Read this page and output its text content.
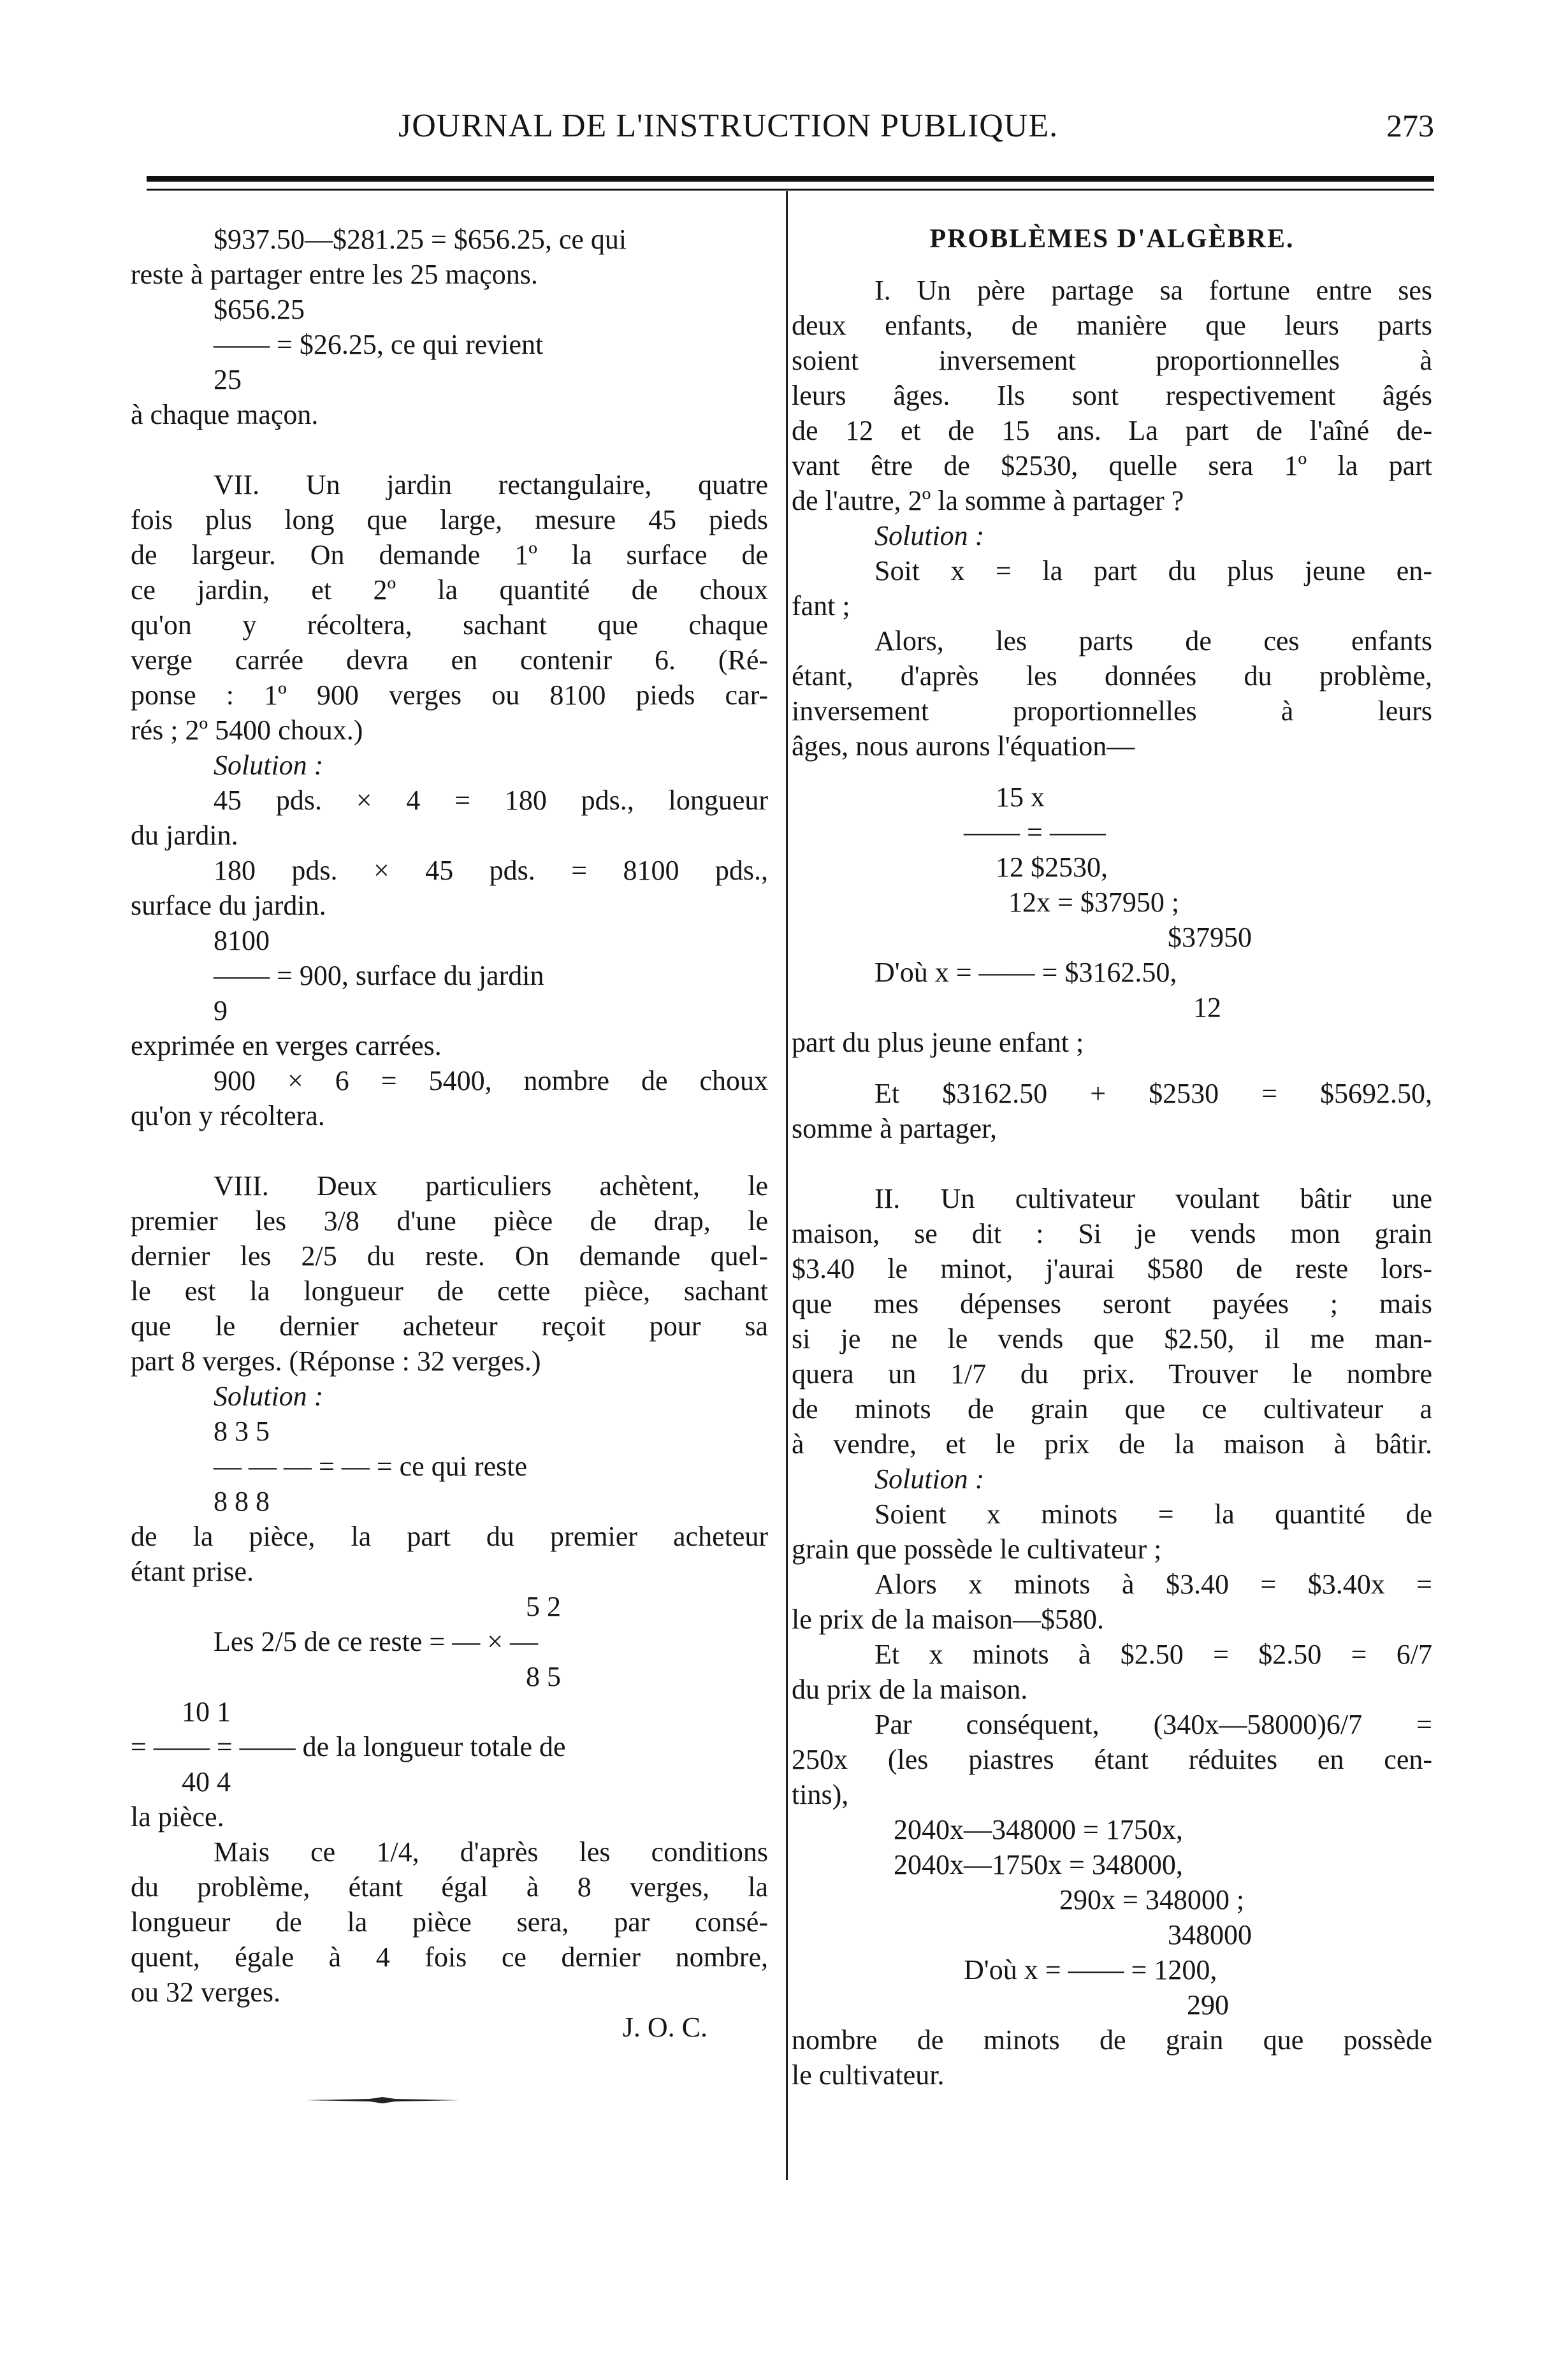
JOURNAL DE L'INSTRUCTION PUBLIQUE.	273
$937.50—$281.25 = $656.25, ce qui
reste à partager entre les 25 maçons.
$656.25
—— = $26.25, ce qui revient
25
à chaque maçon.
VII. Un jardin rectangulaire, quatre
fois plus long que large, mesure 45 pieds
de largeur. On demande 1º la surface de
ce jardin, et 2º la quantité de choux
qu'on y récoltera, sachant que chaque
verge carrée devra en contenir 6. (Ré-
ponse : 1º 900 verges ou 8100 pieds car-
rés ; 2º 5400 choux.)
Solution :
45 pds. × 4 = 180 pds., longueur
du jardin.
180 pds. × 45 pds. = 8100 pds.,
surface du jardin.
8100
—— = 900, surface du jardin
9
exprimée en verges carrées.
900 × 6 = 5400, nombre de choux
qu'on y récoltera.
VIII. Deux particuliers achètent, le
premier les 3/8 d'une pièce de drap, le
dernier les 2/5 du reste. On demande quel-
le est la longueur de cette pièce, sachant
que le dernier acheteur reçoit pour sa
part 8 verges. (Réponse : 32 verges.)
Solution :
8 3 5
— — — = — = ce qui reste
8 8 8
de la pièce, la part du premier acheteur
étant prise.
5 2
Les 2/5 de ce reste = — × —
8 5
10 1
= —— = —— de la longueur totale de
40 4
la pièce.
Mais ce 1/4, d'après les conditions
du problème, étant égal à 8 verges, la
longueur de la pièce sera, par consé-
quent, égale à 4 fois ce dernier nombre,
ou 32 verges.
J. O. C.
PROBLÈMES D'ALGÈBRE.
I. Un père partage sa fortune entre ses
deux enfants, de manière que leurs parts
soient inversement proportionnelles à
leurs âges. Ils sont respectivement âgés
de 12 et de 15 ans. La part de l'aîné de-
vant être de $2530, quelle sera 1º la part
de l'autre, 2º la somme à partager ?
Solution :
Soit x = la part du plus jeune en-
fant ;
Alors, les parts de ces enfants
étant, d'après les données du problème,
inversement proportionnelles à leurs
âges, nous aurons l'équation—
15 x
—— = ——
12 $2530,
12x = $37950 ;
$37950
D'où x = —— = $3162.50,
12
part du plus jeune enfant ;
Et $3162.50 + $2530 = $5692.50,
somme à partager,
II. Un cultivateur voulant bâtir une
maison, se dit : Si je vends mon grain
$3.40 le minot, j'aurai $580 de reste lors-
que mes dépenses seront payées ; mais
si je ne le vends que $2.50, il me man-
quera un 1/7 du prix. Trouver le nombre
de minots de grain que ce cultivateur a
à vendre, et le prix de la maison à bâtir.
Solution :
Soient x minots = la quantité de
grain que possède le cultivateur ;
Alors x minots à $3.40 = $3.40x =
le prix de la maison—$580.
Et x minots à $2.50 = $2.50 = 6/7
du prix de la maison.
Par conséquent, (340x—58000)6/7 =
250x (les piastres étant réduites en cen-
tins),
2040x—348000 = 1750x,
2040x—1750x = 348000,
290x = 348000 ;
348000
D'où x = —— = 1200,
290
nombre de minots de grain que possède
le cultivateur.
